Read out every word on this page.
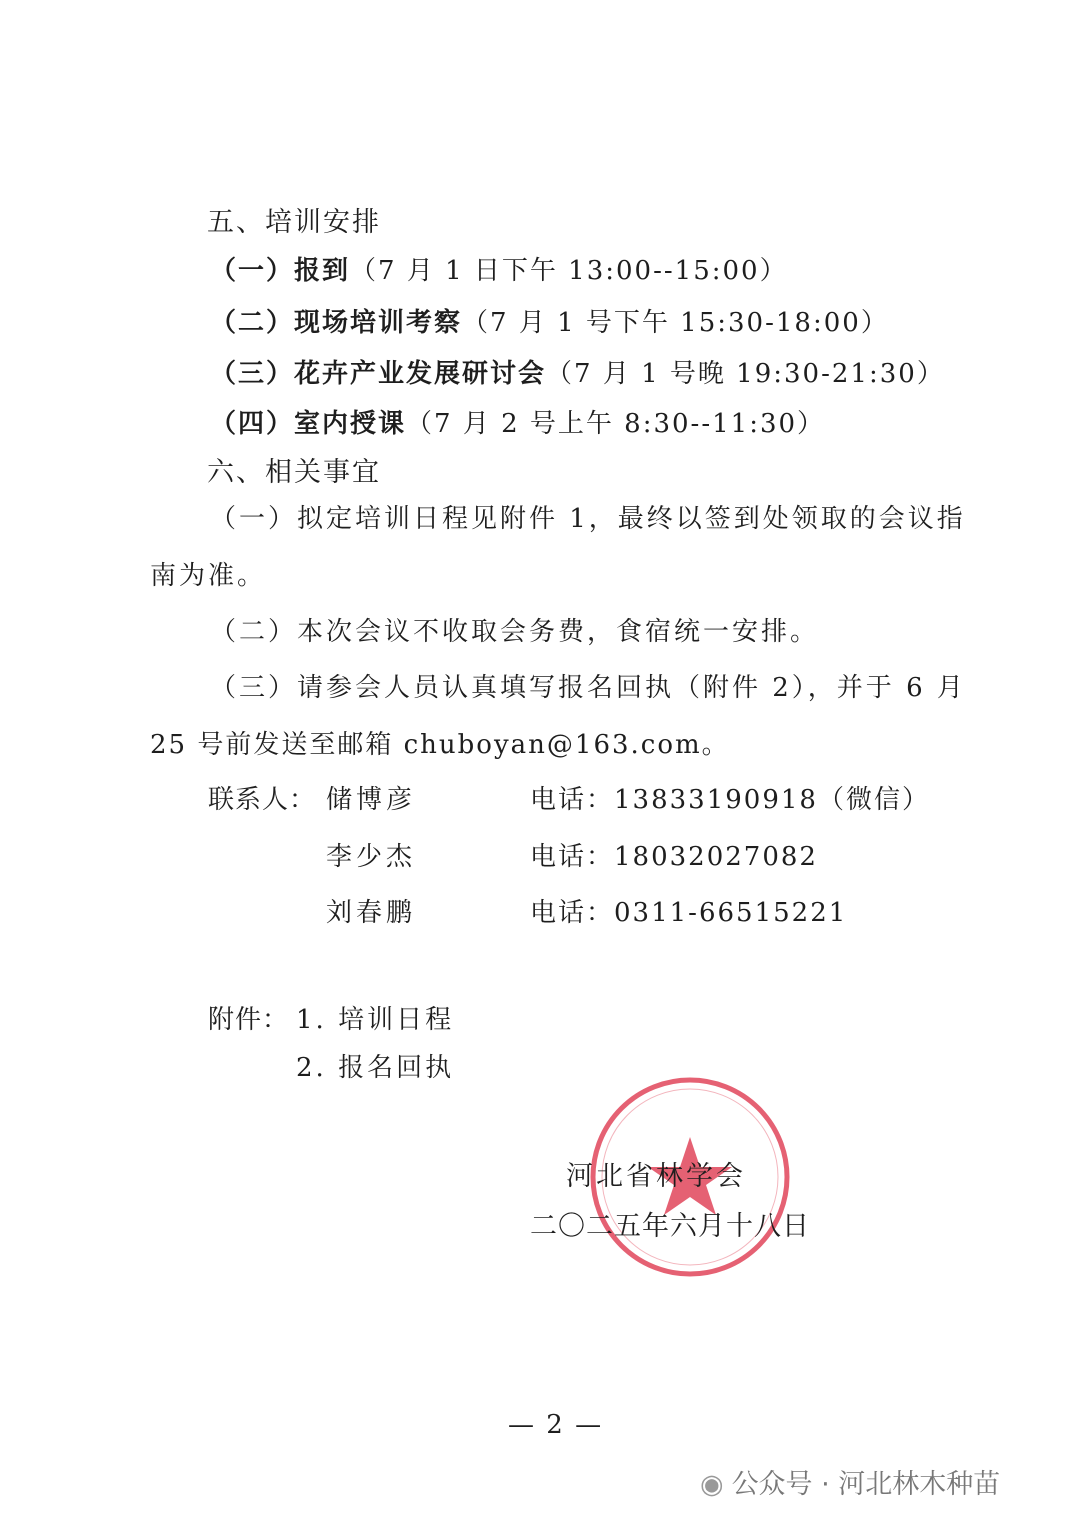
五、培训安排
（一）报到（7 月 1 日下午 13:00--15:00）
（二）现场培训考察（7 月 1 号下午 15:30-18:00）
（三）花卉产业发展研讨会（7 月 1 号晚 19:30-21:30）
（四）室内授课（7 月 2 号上午 8:30--11:30）
六、相关事宜
（一）拟定培训日程见附件 1，最终以签到处领取的会议指
南为准。
（二）本次会议不收取会务费，食宿统一安排。
（三）请参会人员认真填写报名回执（附件 2），并于 6 月
25 号前发送至邮箱 chuboyan@163.com。
联系人： 储博彦	电话：13833190918（微信）
李少杰	电话：18032027082
刘春鹏	电话：0311-66515221
附件： 1. 培训日程
2. 报名回执
河北省林学会
二〇二五年六月十八日
— 2 —
◉ 公众号 · 河北林木种苗
